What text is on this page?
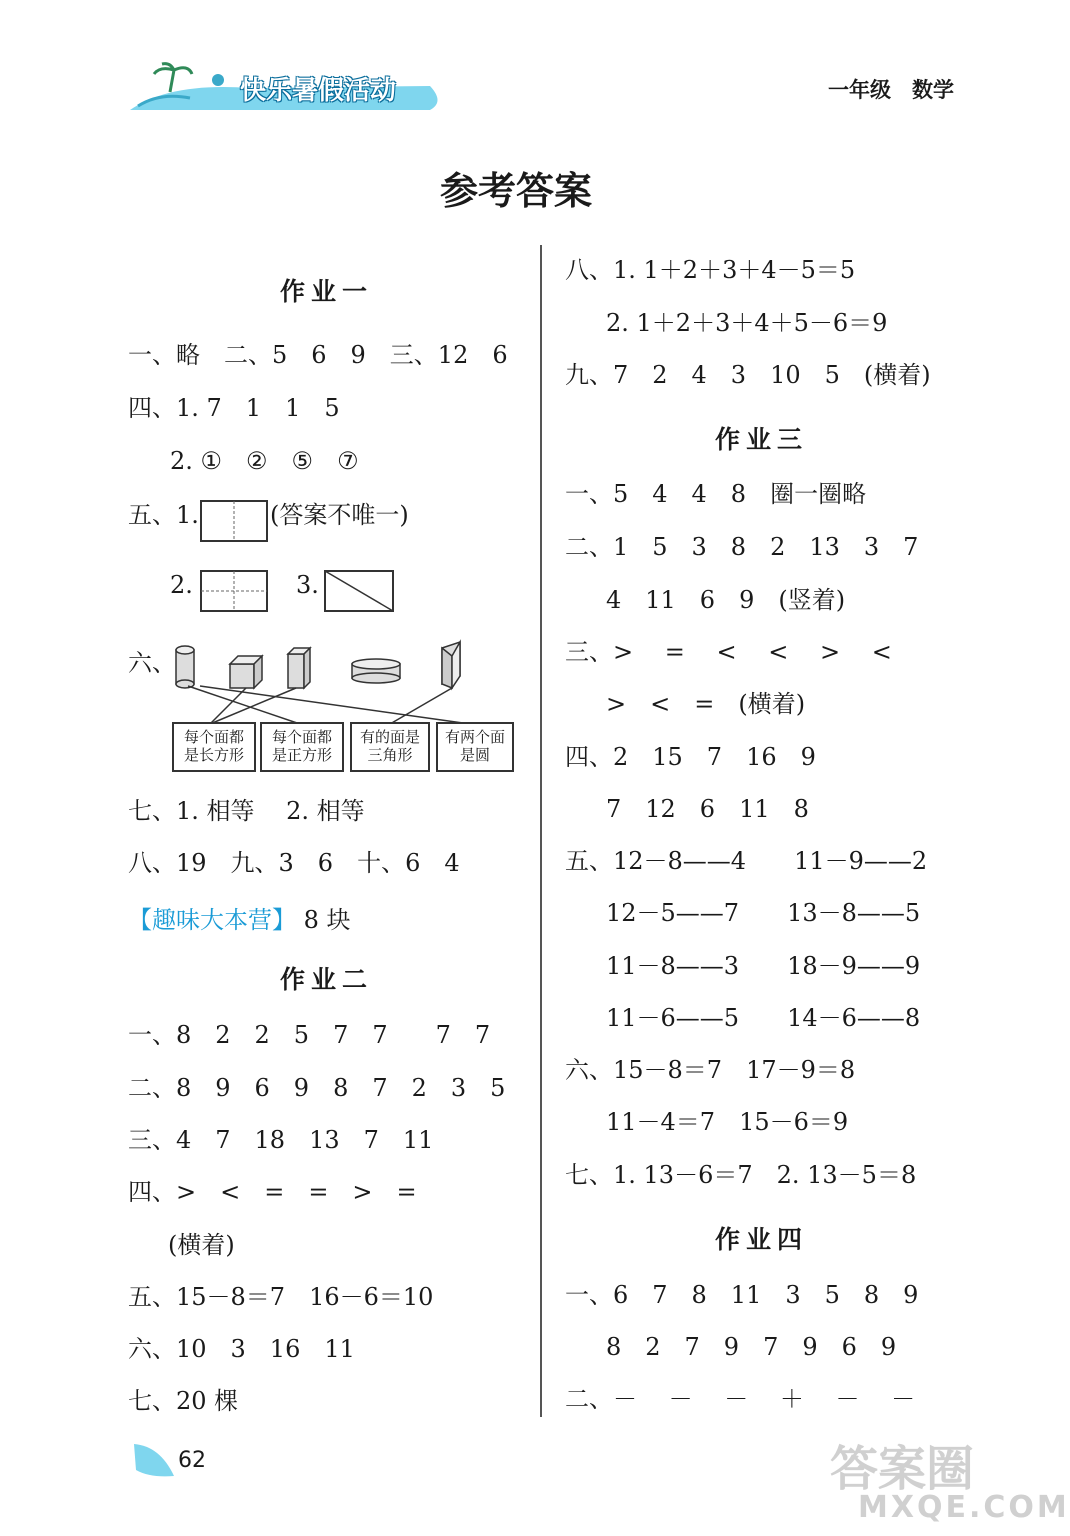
快乐暑假活动	一年级　数学
参考答案
作业一
一、略　二、5　6　9　三、12　6
四、1. 7　1　1　5
2. ①　②　⑤　⑦
五、1.	(答案不唯一)
2.	3.
六、
每个面都是长方形
每个面都是正方形
有的面是三角形
有两个面是圆
七、1. 相等　 2. 相等
八、19　九、3　6　十、6　4
【趣味大本营】 8 块
作业二
一、8　2　2　5　7　7　　7　7
二、8　9　6　9　8　7　2　3　5
三、4　7　18　13　7　11
四、>　<　=　=　>　=
(横着)
五、15－8＝7　16－6＝10
六、10　3　16　11
七、20 棵
八、1. 1＋2＋3＋4－5＝5
2. 1＋2＋3＋4＋5－6＝9
九、7　2　4　3　10　5　(横着)
作业三
一、5　4　4　8　圈一圈略
二、1　5　3　8　2　13　3　7
4　11　6　9　(竖着)
三、>　 =　 <　 <　 >　 <
>　<　=　(横着)
四、2　15　7　16　9
7　12　6　11　8
五、12－8——4　　11－9——2
12－5——7　　13－8——5
11－8——3　　18－9——9
11－6——5　　14－6——8
六、15－8＝7　17－9＝8
11－4＝7　15－6＝9
七、1. 13－6＝7　2. 13－5＝8
作业四
一、6　7　8　11　3　5　8　9
8　2　7　9　7　9　6　9
二、－　 －　 －　 ＋　 －　 －
62	答案圈
MXQE.COM
